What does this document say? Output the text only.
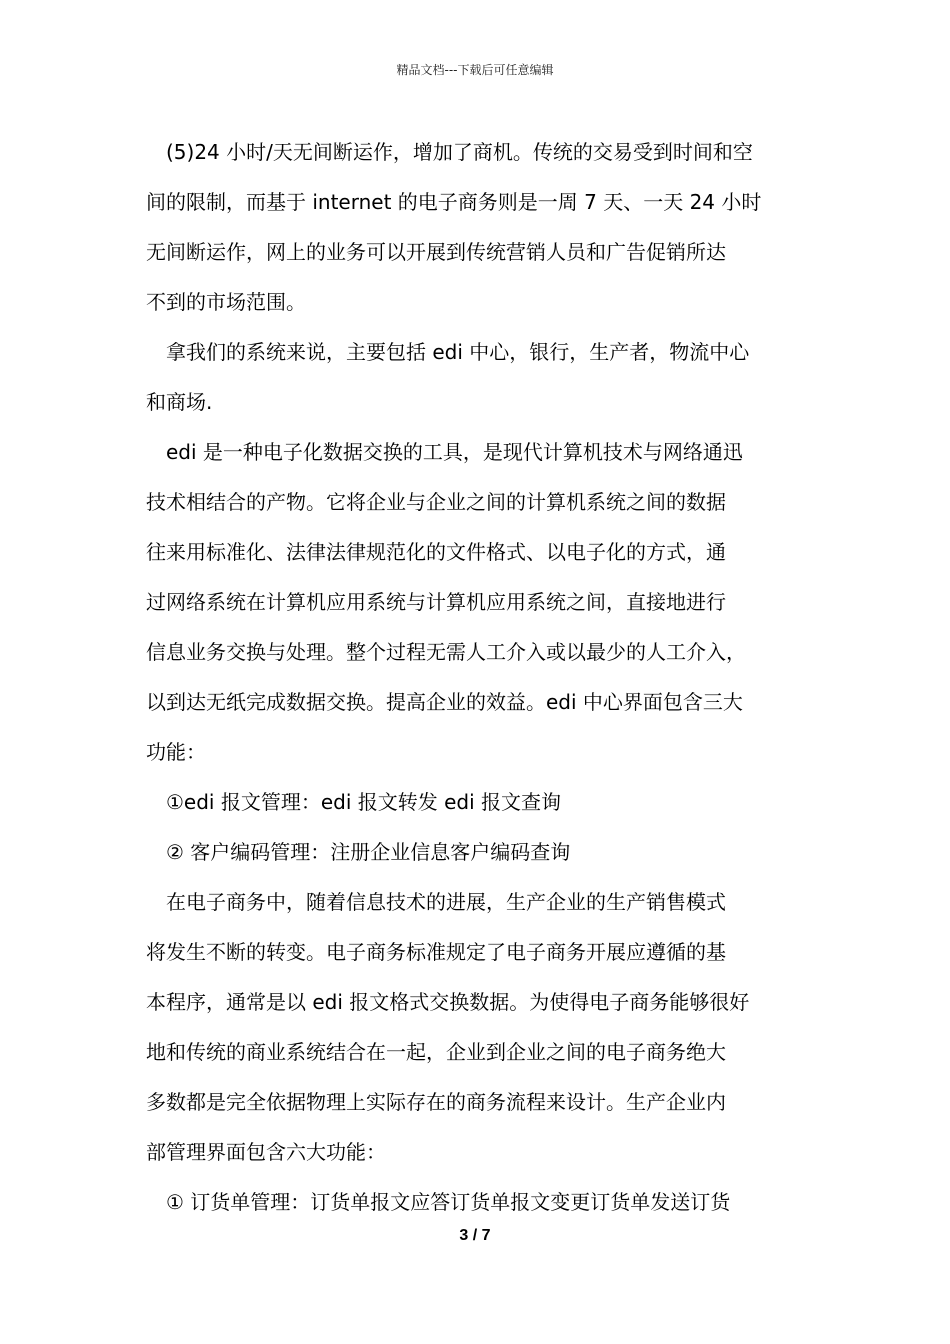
精品文档---下载后可任意编辑
(5)24 小时/天无间断运作，增加了商机。传统的交易受到时间和空
间的限制，而基于 internet 的电子商务则是一周 7 天、一天 24 小时
无间断运作，网上的业务可以开展到传统营销人员和广告促销所达
不到的市场范围。
拿我们的系统来说，主要包括 edi 中心，银行，生产者，物流中心
和商场.
edi 是一种电子化数据交换的工具，是现代计算机技术与网络通迅
技术相结合的产物。它将企业与企业之间的计算机系统之间的数据
往来用标准化、法律法律规范化的文件格式、以电子化的方式，通
过网络系统在计算机应用系统与计算机应用系统之间，直接地进行
信息业务交换与处理。整个过程无需人工介入或以最少的人工介入，
以到达无纸完成数据交换。提高企业的效益。edi 中心界面包含三大
功能：
①edi 报文管理：edi 报文转发 edi 报文查询
② 客户编码管理：注册企业信息客户编码查询
在电子商务中，随着信息技术的进展，生产企业的生产销售模式
将发生不断的转变。电子商务标准规定了电子商务开展应遵循的基
本程序，通常是以 edi 报文格式交换数据。为使得电子商务能够很好
地和传统的商业系统结合在一起，企业到企业之间的电子商务绝大
多数都是完全依据物理上实际存在的商务流程来设计。生产企业内
部管理界面包含六大功能：
① 订货单管理：订货单报文应答订货单报文变更订货单发送订货
3 / 7
